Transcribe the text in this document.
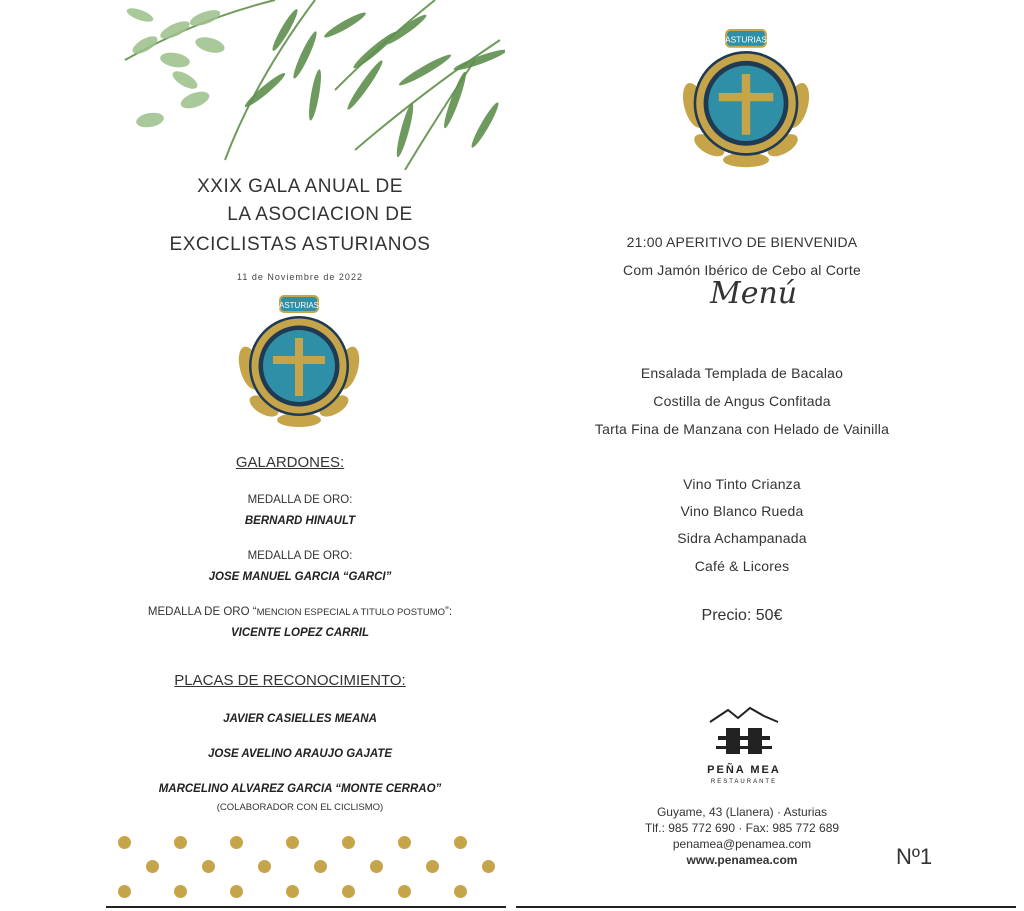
XXIX GALA ANUAL DE
LA ASOCIACION DE
EXCICLISTAS ASTURIANOS
11 de Noviembre de 2022
ASTURIAS
GALARDONES:
MEDALLA DE ORO:
BERNARD HINAULT
MEDALLA DE ORO:
JOSE MANUEL GARCIA “GARCI”
MEDALLA DE ORO “MENCION ESPECIAL A TITULO POSTUMO”:
VICENTE LOPEZ CARRIL
PLACAS DE RECONOCIMIENTO:
JAVIER CASIELLES MEANA
JOSE AVELINO ARAUJO GAJATE
MARCELINO ALVAREZ GARCIA “MONTE CERRAO”
(COLABORADOR CON EL CICLISMO)
ASTURIAS
21:00 APERITIVO DE BIENVENIDA
Com Jamón Ibérico de Cebo al Corte
Menú
Ensalada Templada de Bacalao
Costilla de Angus Confitada
Tarta Fina de Manzana con Helado de Vainilla
Vino Tinto Crianza
Vino Blanco Rueda
Sidra Achampanada
Café & Licores
Precio: 50€
PEÑA MEA
RESTAURANTE
Guyame, 43 (Llanera) · Asturias
Tlf.: 985 772 690 · Fax: 985 772 689
penamea@penamea.com
www.penamea.com	Nº1
